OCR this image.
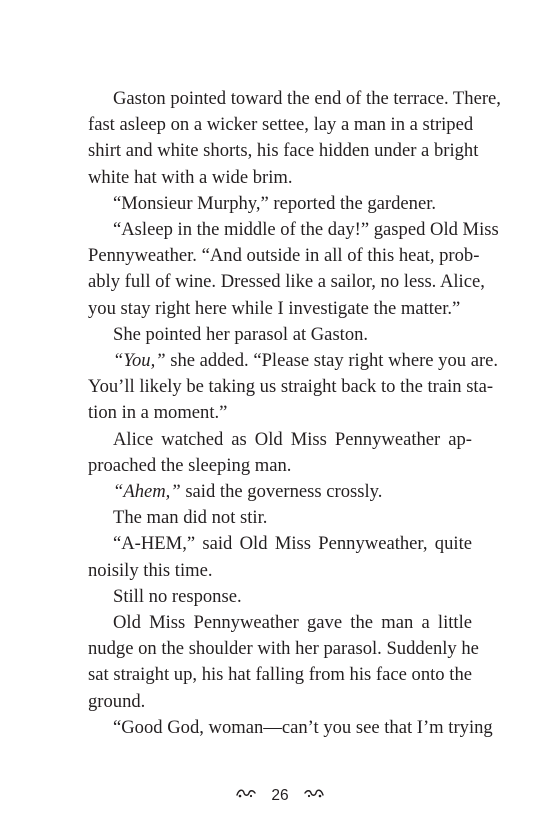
Gaston pointed toward the end of the terrace. There,
fast asleep on a wicker settee, lay a man in a striped
shirt and white shorts, his face hidden under a bright
white hat with a wide brim.

“Monsieur Murphy,” reported the gardener.

“Asleep in the middle of the day!” gasped Old Miss
Pennyweather. “And outside in all of this heat, prob-
ably full of wine. Dressed like a sailor, no less. Alice,
you stay right here while I investigate the matter.”

She pointed her parasol at Gaston.

“You,” she added. “Please stay right where you are.
You’ll likely be taking us straight back to the train sta-
tion in a moment.”

Alice watched as Old Miss Pennyweather ap-
proached the sleeping man.

“Ahem,” said the governess crossly.

The man did not stir.

“A-HEM,” said Old Miss Pennyweather, quite
noisily this time.

Still no response.

Old Miss Pennyweather gave the man a little
nudge on the shoulder with her parasol. Suddenly he
sat straight up, his hat falling from his face onto the
ground.

“Good God, woman—can’t you see that I’m trying

26
